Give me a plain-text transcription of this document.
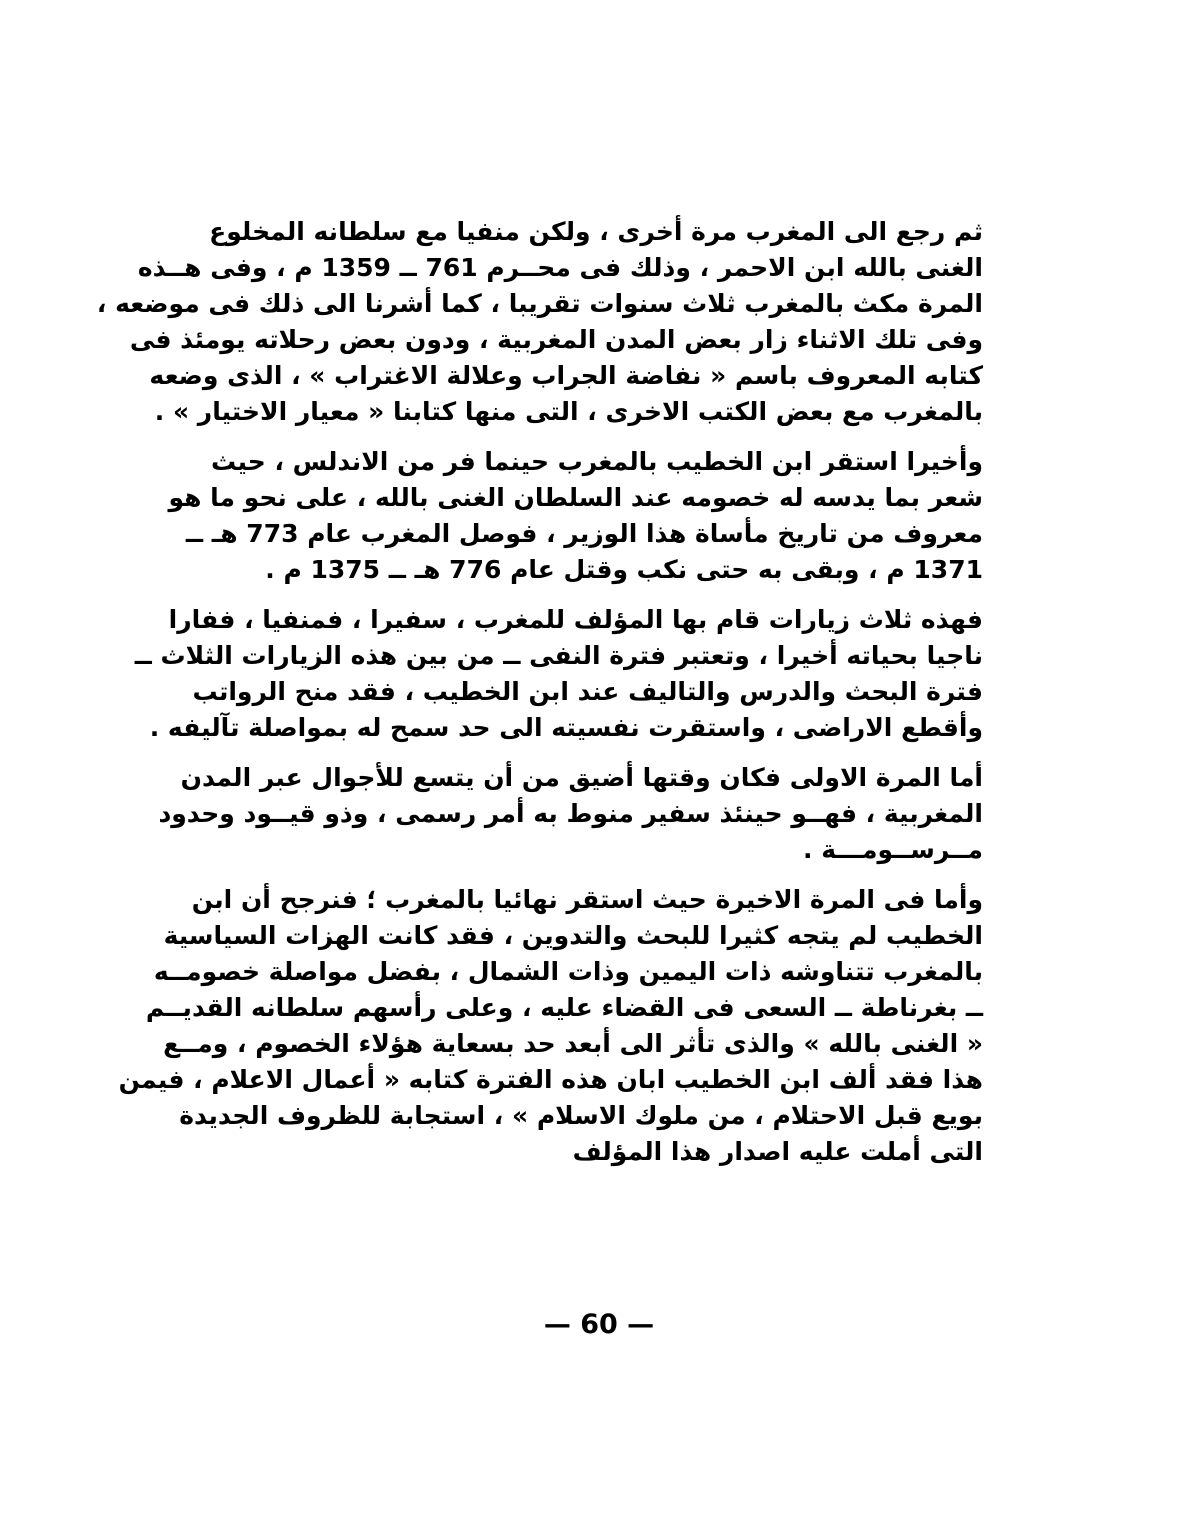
ثم رجع الى المغرب مرة أخرى ، ولكن منفيا مع سلطانه المخلوع
الغنى بالله ابن الاحمر ، وذلك فى محــرم 761 ــ 1359 م ، وفى هــذه
المرة مكث بالمغرب ثلاث سنوات تقريبا ، كما أشرنا الى ذلك فى موضعه ،
وفى تلك الاثناء زار بعض المدن المغربية ، ودون بعض رحلاته يومئذ فى
كتابه المعروف باسم « نفاضة الجراب وعلالة الاغتراب » ، الذى وضعه
بالمغرب مع بعض الكتب الاخرى ، التى منها كتابنا « معيار الاختيار » .
وأخيرا استقر ابن الخطيب بالمغرب حينما فر من الاندلس ، حيث
شعر بما يدسه له خصومه عند السلطان الغنى بالله ، على نحو ما هو
معروف من تاريخ مأساة هذا الوزير ، فوصل المغرب عام 773 هـ ــ
1371 م ، وبقى به حتى نكب وقتل عام 776 هـ ــ 1375 م .
فهذه ثلاث زيارات قام بها المؤلف للمغرب ، سفيرا ، فمنفيا ، ففارا
ناجيا بحياته أخيرا ، وتعتبر فترة النفى ــ من بين هذه الزيارات الثلاث ــ
فترة البحث والدرس والتاليف عند ابن الخطيب ، فقد منح الرواتب
وأقطع الاراضى ، واستقرت نفسيته الى حد سمح له بمواصلة تآليفه .
أما المرة الاولى فكان وقتها أضيق من أن يتسع للأجوال عبر المدن
المغربية ، فهــو حينئذ سفير منوط به أمر رسمى ، وذو قيــود وحدود
مــرســومـــة .
وأما فى المرة الاخيرة حيث استقر نهائيا بالمغرب ؛ فنرجح أن ابن
الخطيب لم يتجه كثيرا للبحث والتدوين ، فقد كانت الهزات السياسية
بالمغرب تتناوشه ذات اليمين وذات الشمال ، بفضل مواصلة خصومــه
ــ بغرناطة ــ السعى فى القضاء عليه ، وعلى رأسهم سلطانه القديــم
« الغنى بالله » والذى تأثر الى أبعد حد بسعاية هؤلاء الخصوم ، ومــع
هذا فقد ألف ابن الخطيب ابان هذه الفترة كتابه « أعمال الاعلام ، فيمن
بويع قبل الاحتلام ، من ملوك الاسلام » ، استجابة للظروف الجديدة
التى أملت عليه اصدار هذا المؤلف
— 60 —
